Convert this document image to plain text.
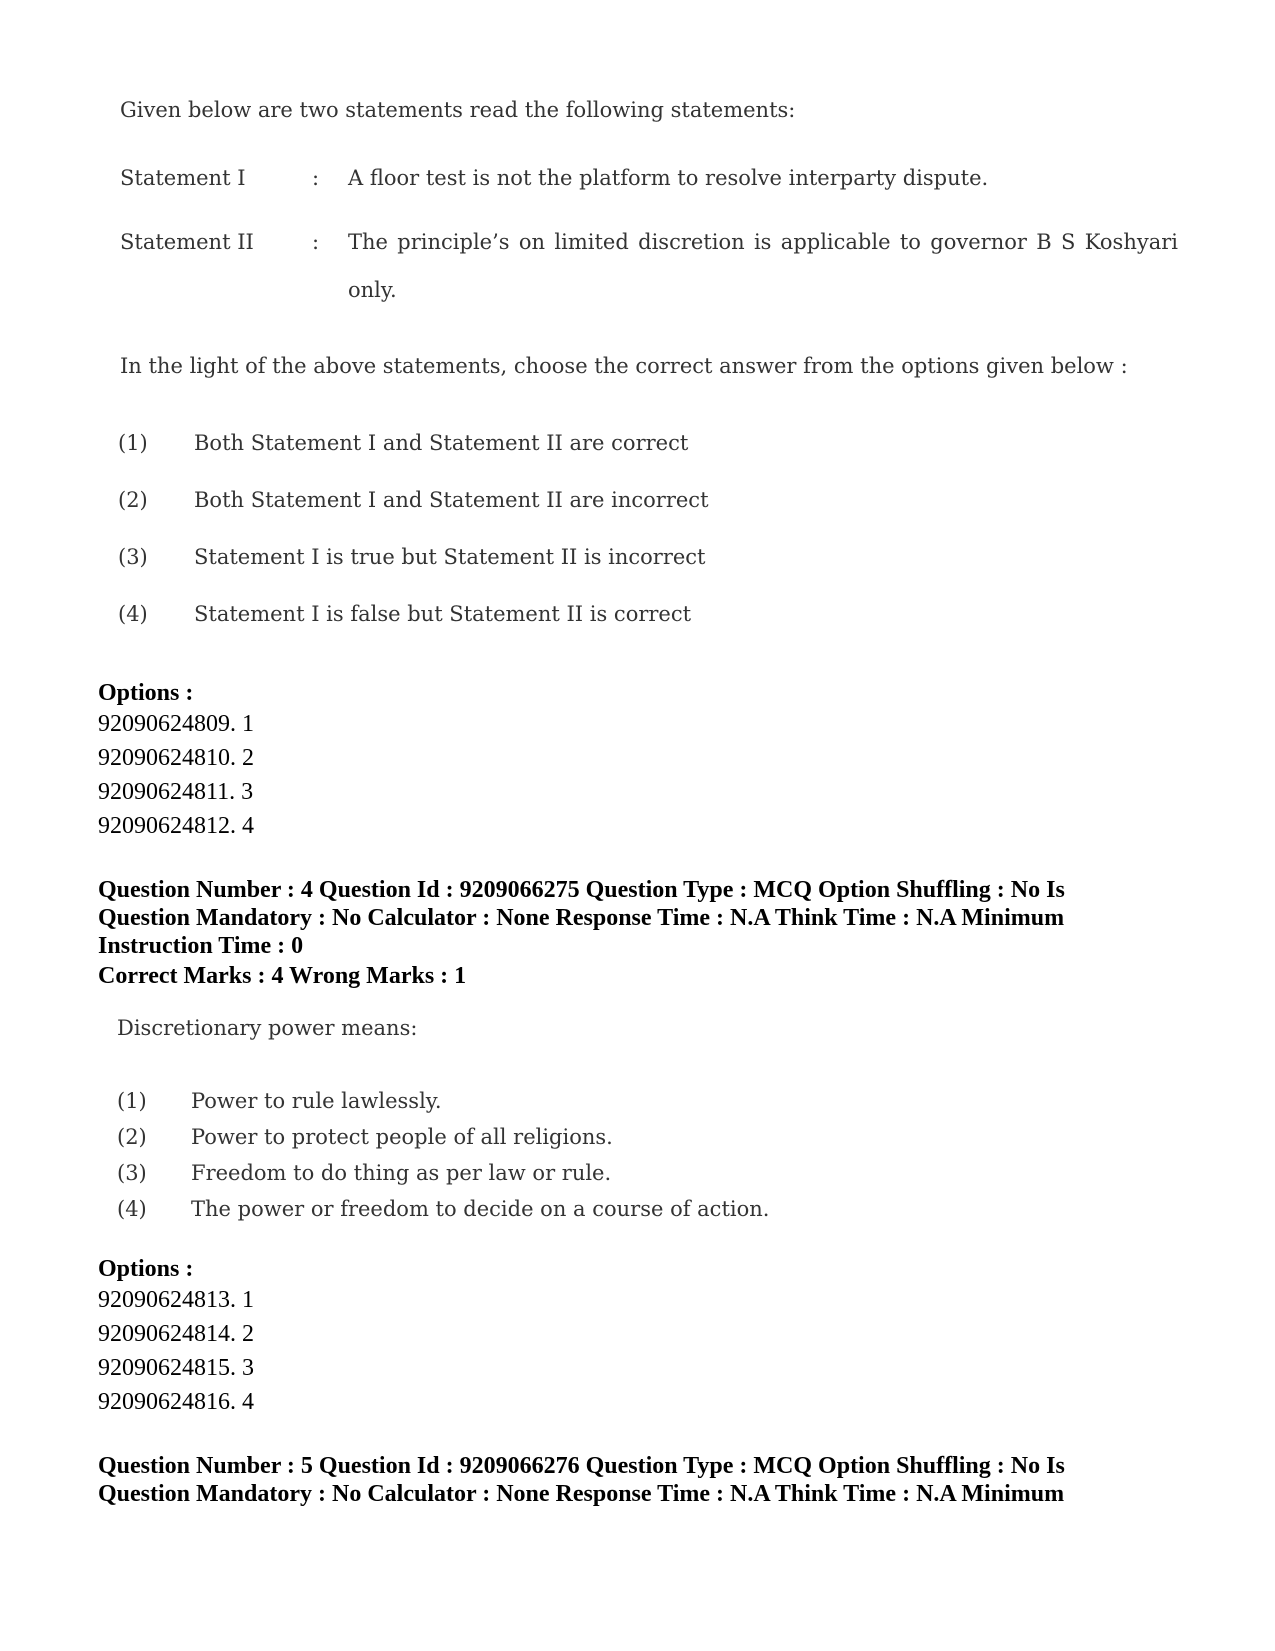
Given below are two statements read the following statements:
Statement I	: A floor test is not the platform to resolve interparty dispute.
Statement II	: The principle’s on limited discretion is applicable to governor B S Koshyari only.
In the light of the above statements, choose the correct answer from the options given below :
(1) Both Statement I and Statement II are correct
(2) Both Statement I and Statement II are incorrect
(3) Statement I is true but Statement II is incorrect
(4) Statement I is false but Statement II is correct
Options :
92090624809. 1
92090624810. 2
92090624811. 3
92090624812. 4
Question Number : 4 Question Id : 9209066275 Question Type : MCQ Option Shuffling : No Is Question Mandatory : No Calculator : None Response Time : N.A Think Time : N.A Minimum Instruction Time : 0
Correct Marks : 4 Wrong Marks : 1
Discretionary power means:
(1) Power to rule lawlessly.
(2) Power to protect people of all religions.
(3) Freedom to do thing as per law or rule.
(4) The power or freedom to decide on a course of action.
Options :
92090624813. 1
92090624814. 2
92090624815. 3
92090624816. 4
Question Number : 5 Question Id : 9209066276 Question Type : MCQ Option Shuffling : No Is Question Mandatory : No Calculator : None Response Time : N.A Think Time : N.A Minimum
